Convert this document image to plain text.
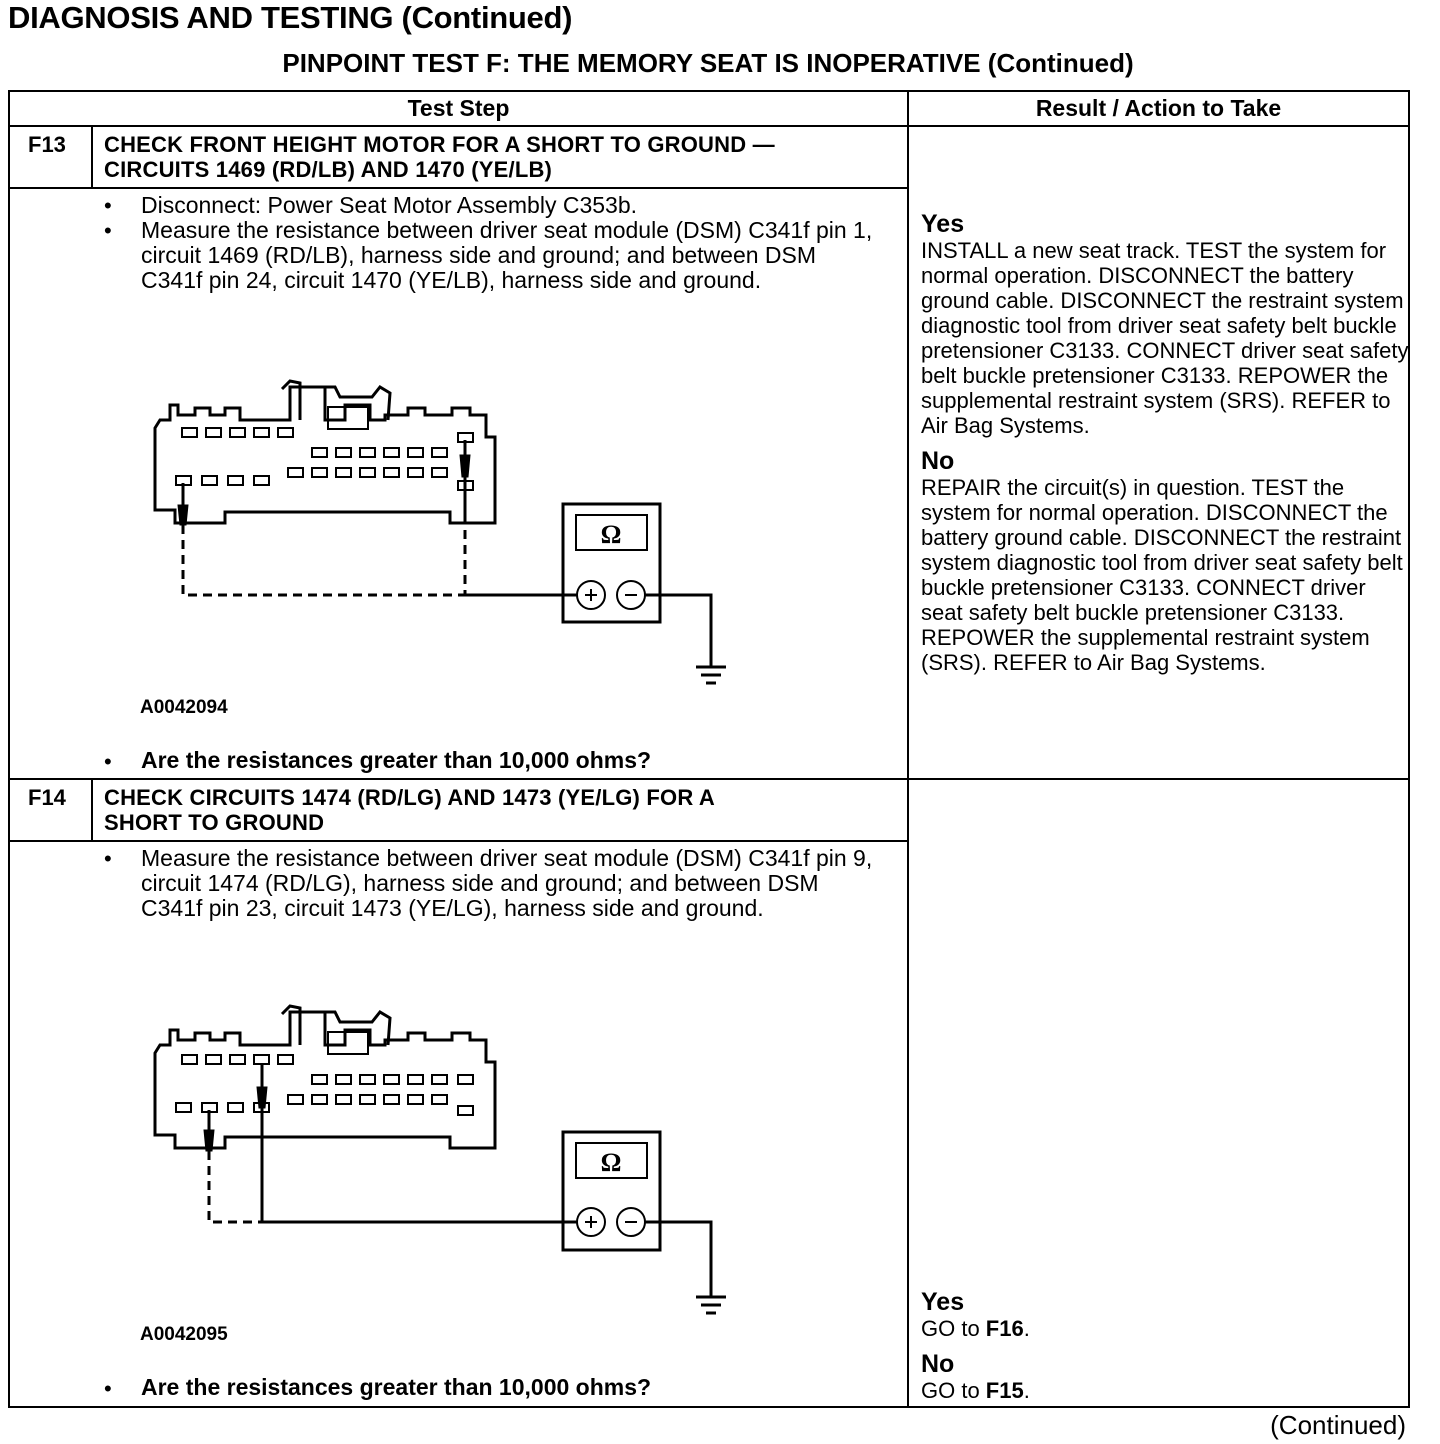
DIAGNOSIS AND TESTING (Continued)
PINPOINT TEST F: THE MEMORY SEAT IS INOPERATIVE (Continued)
Test Step	Result / Action to Take
F13 CHECK FRONT HEIGHT MOTOR FOR A SHORT TO GROUND —
CIRCUITS 1469 (RD/LB) AND 1470 (YE/LB)
• Disconnect: Power Seat Motor Assembly C353b.
• Measure the resistance between driver seat module (DSM) C341f pin 1, circuit 1469 (RD/LB), harness side and ground; and between DSM C341f pin 24, circuit 1470 (YE/LB), harness side and ground.
Ω
A0042094
• Are the resistances greater than 10,000 ohms?
Yes
INSTALL a new seat track. TEST the system for normal operation. DISCONNECT the battery ground cable. DISCONNECT the restraint system diagnostic tool from driver seat safety belt buckle pretensioner C3133. CONNECT driver seat safety belt buckle pretensioner C3133. REPOWER the supplemental restraint system (SRS). REFER to Air Bag Systems.
No
REPAIR the circuit(s) in question. TEST the system for normal operation. DISCONNECT the battery ground cable. DISCONNECT the restraint system diagnostic tool from driver seat safety belt buckle pretensioner C3133. CONNECT driver seat safety belt buckle pretensioner C3133. REPOWER the supplemental restraint system (SRS). REFER to Air Bag Systems.
F14 CHECK CIRCUITS 1474 (RD/LG) AND 1473 (YE/LG) FOR A
SHORT TO GROUND
• Measure the resistance between driver seat module (DSM) C341f pin 9, circuit 1474 (RD/LG), harness side and ground; and between DSM C341f pin 23, circuit 1473 (YE/LG), harness side and ground.
Ω
A0042095
• Are the resistances greater than 10,000 ohms?
Yes
GO to F16.
No
GO to F15.
(Continued)
